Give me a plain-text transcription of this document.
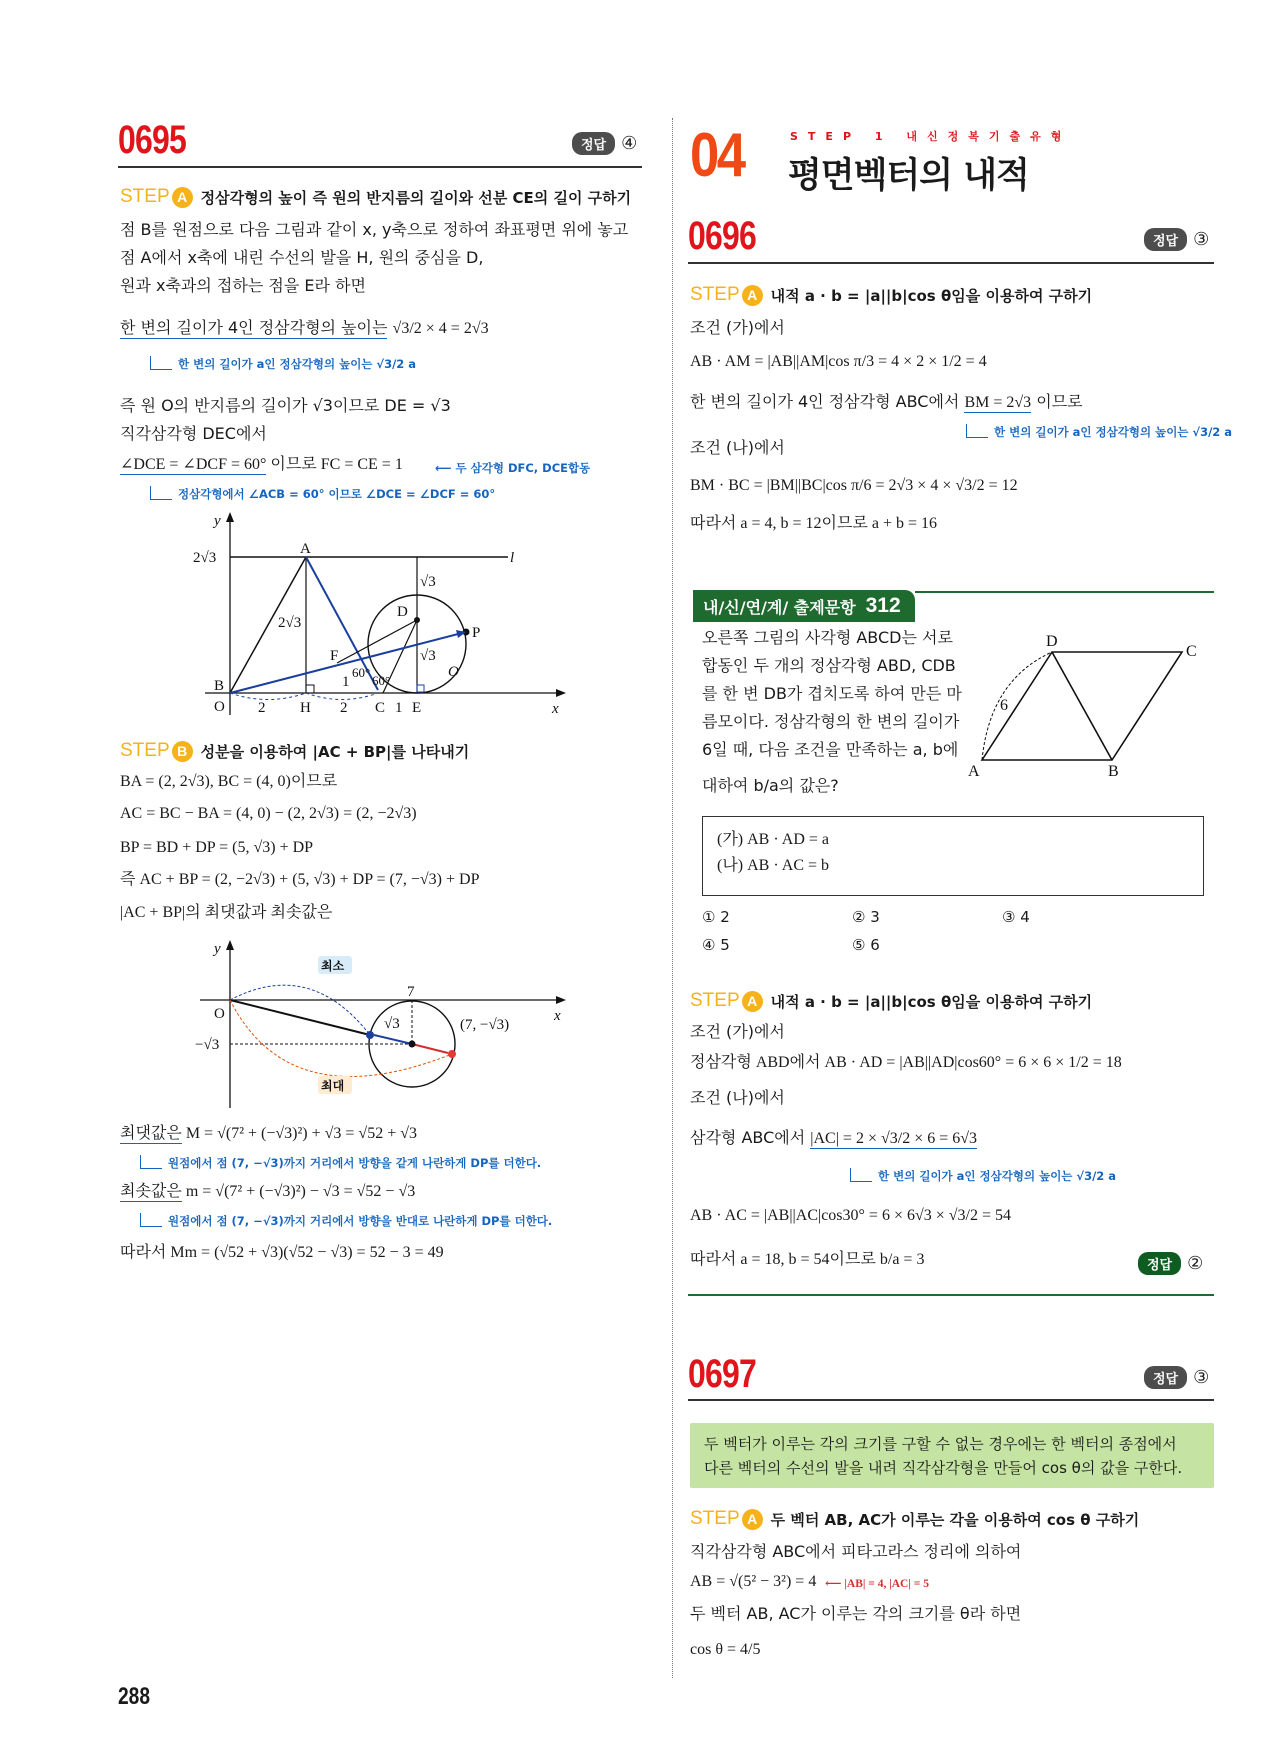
0695	정답 ④
STEP A 정삼각형의 높이 즉 원의 반지름의 길이와 선분 CE의 길이 구하기
점 B를 원점으로 다음 그림과 같이 x, y축으로 정하여 좌표평면 위에 놓고
점 A에서 x축에 내린 수선의 발을 H, 원의 중심을 D,
원과 x축과의 접하는 점을 E라 하면
한 변의 길이가 4인 정삼각형의 높이는 √3/2 × 4 = 2√3
한 변의 길이가 a인 정삼각형의 높이는 √3/2 a
즉 원 O의 반지름의 길이가 √3이므로 DE = √3
직각삼각형 DEC에서
∠DCE = ∠DCF = 60° 이므로 FC = CE = 1	⟵ 두 삼각형 DFC, DCE합동
정삼각형에서 ∠ACB = 60° 이므로 ∠DCE = ∠DCF = 60°
y
x
l
2√3
A
2√3
D
P
√3
√3
O
F
60°
60°
1
B
O 2 H 2 C 1 E
STEP B 성분을 이용하여 |AC + BP|를 나타내기
BA = (2, 2√3), BC = (4, 0)이므로
AC = BC − BA = (4, 0) − (2, 2√3) = (2, −2√3)
BP = BD + DP = (5, √3) + DP
즉 AC + BP = (2, −2√3) + (5, √3) + DP = (7, −√3) + DP
|AC + BP|의 최댓값과 최솟값은
y
x
O
−√3
7
√3	(7, −√3)
최소
최대
최댓값은 M = √(7² + (−√3)²) + √3 = √52 + √3
원점에서 점 (7, −√3)까지 거리에서 방향을 같게 나란하게 DP를 더한다.
최솟값은 m = √(7² + (−√3)²) − √3 = √52 − √3
원점에서 점 (7, −√3)까지 거리에서 방향을 반대로 나란하게 DP를 더한다.
따라서 Mm = (√52 + √3)(√52 − √3) = 52 − 3 = 49
288
04	STEP 1 내신정복기출유형
평면벡터의 내적
0696	정답 ③
STEP A 내적 a · b = |a||b|cos θ임을 이용하여 구하기
조건 (가)에서
AB · AM = |AB||AM|cos π/3 = 4 × 2 × 1/2 = 4
한 변의 길이가 4인 정삼각형 ABC에서 BM = 2√3 이므로
한 변의 길이가 a인 정삼각형의 높이는 √3/2 a
조건 (나)에서
BM · BC = |BM||BC|cos π/6 = 2√3 × 4 × √3/2 = 12
따라서 a = 4, b = 12이므로 a + b = 16
내/신/연/계/ 출제문항 312
오른쪽 그림의 사각형 ABCD는 서로
합동인 두 개의 정삼각형 ABD, CDB
를 한 변 DB가 겹치도록 하여 만든 마
름모이다. 정삼각형의 한 변의 길이가
6일 때, 다음 조건을 만족하는 a, b에
대하여 b/a의 값은?
D
C
6
A	B
(가) AB · AD = a
(나) AB · AC = b
① 2	② 3	③ 4
④ 5	⑤ 6
STEP A 내적 a · b = |a||b|cos θ임을 이용하여 구하기
조건 (가)에서
정삼각형 ABD에서 AB · AD = |AB||AD|cos60° = 6 × 6 × 1/2 = 18
조건 (나)에서
삼각형 ABC에서 |AC| = 2 × √3/2 × 6 = 6√3
한 변의 길이가 a인 정삼각형의 높이는 √3/2 a
AB · AC = |AB||AC|cos30° = 6 × 6√3 × √3/2 = 54
따라서 a = 18, b = 54이므로 b/a = 3	정답 ②
0697	정답 ③
두 벡터가 이루는 각의 크기를 구할 수 없는 경우에는 한 벡터의 종점에서
다른 벡터의 수선의 발을 내려 직각삼각형을 만들어 cos θ의 값을 구한다.
STEP A 두 벡터 AB, AC가 이루는 각을 이용하여 cos θ 구하기
직각삼각형 ABC에서 피타고라스 정리에 의하여
AB = √(5² − 3²) = 4 ⟵ |AB| = 4, |AC| = 5
두 벡터 AB, AC가 이루는 각의 크기를 θ라 하면
cos θ = 4/5
